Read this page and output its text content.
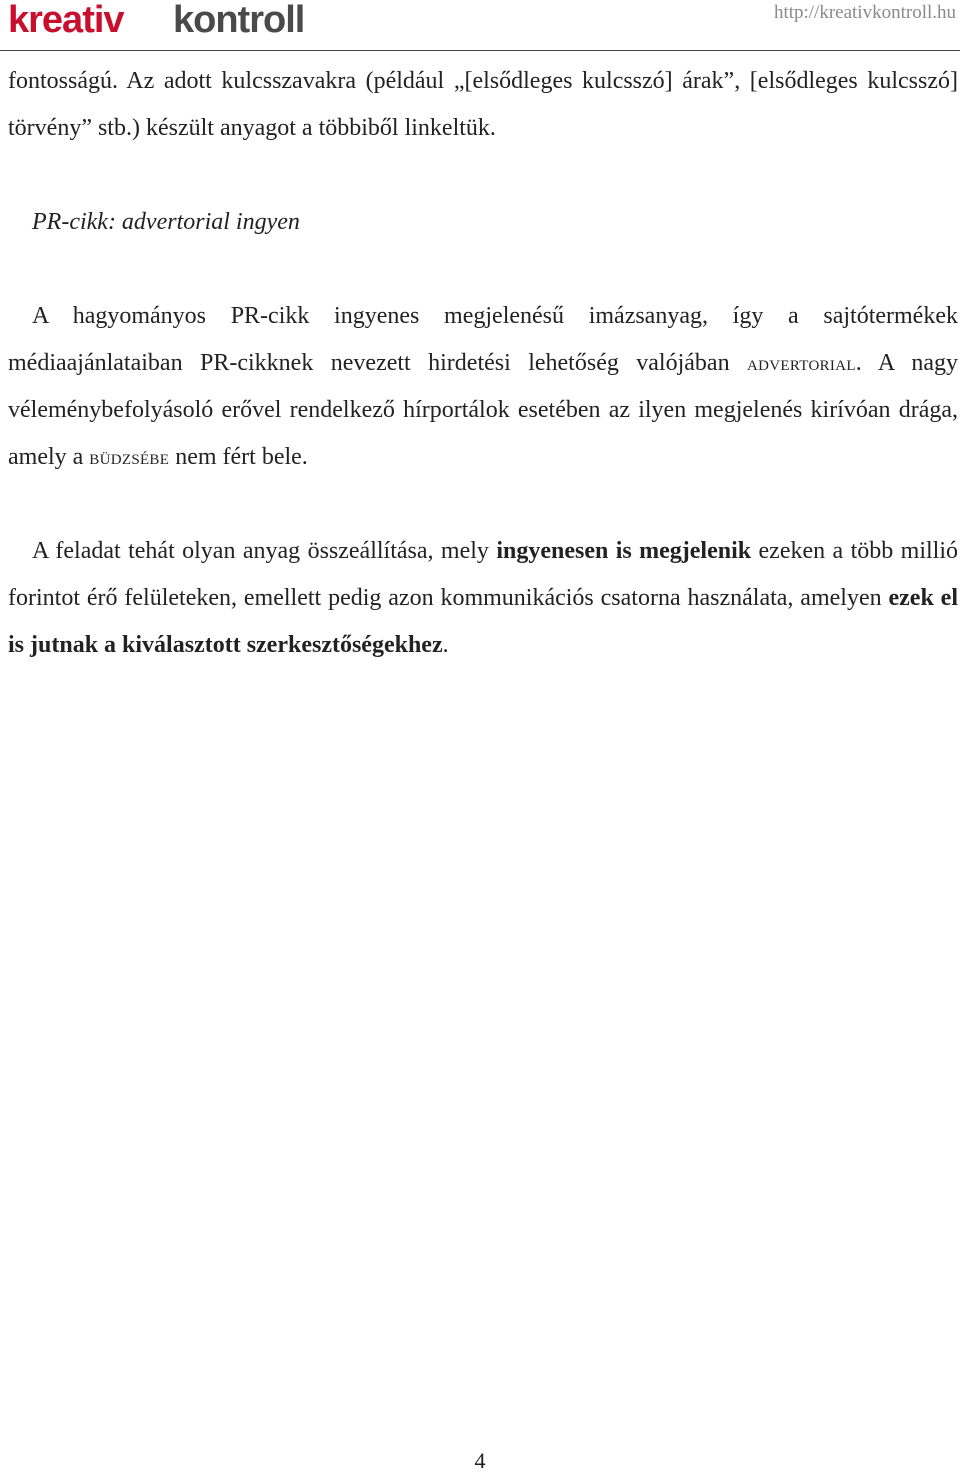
kreativ kontroll	http://kreativkontroll.hu

fontosságú. Az adott kulcsszavakra (például „[elsődleges kulcsszó] árak”, [elsődleges kulcsszó] törvény” stb.) készült anyagot a többiből linkeltük.

PR-cikk: advertorial ingyen

A hagyományos PR-cikk ingyenes megjelenésű imázsanyag, így a sajtótermékek médiaajánlataiban PR-cikknek nevezett hirdetési lehetőség valójában advertorial. A nagy véleménybefolyásoló erővel rendelkező hírportálok esetében az ilyen megjelenés kirívóan drága, amely a büdzsébe nem fért bele.

A feladat tehát olyan anyag összeállítása, mely ingyenesen is megjelenik ezeken a több millió forintot érő felületeken, emellett pedig azon kommunikációs csatorna használata, amelyen ezek el is jutnak a kiválasztott szerkesztőségekhez.

4
